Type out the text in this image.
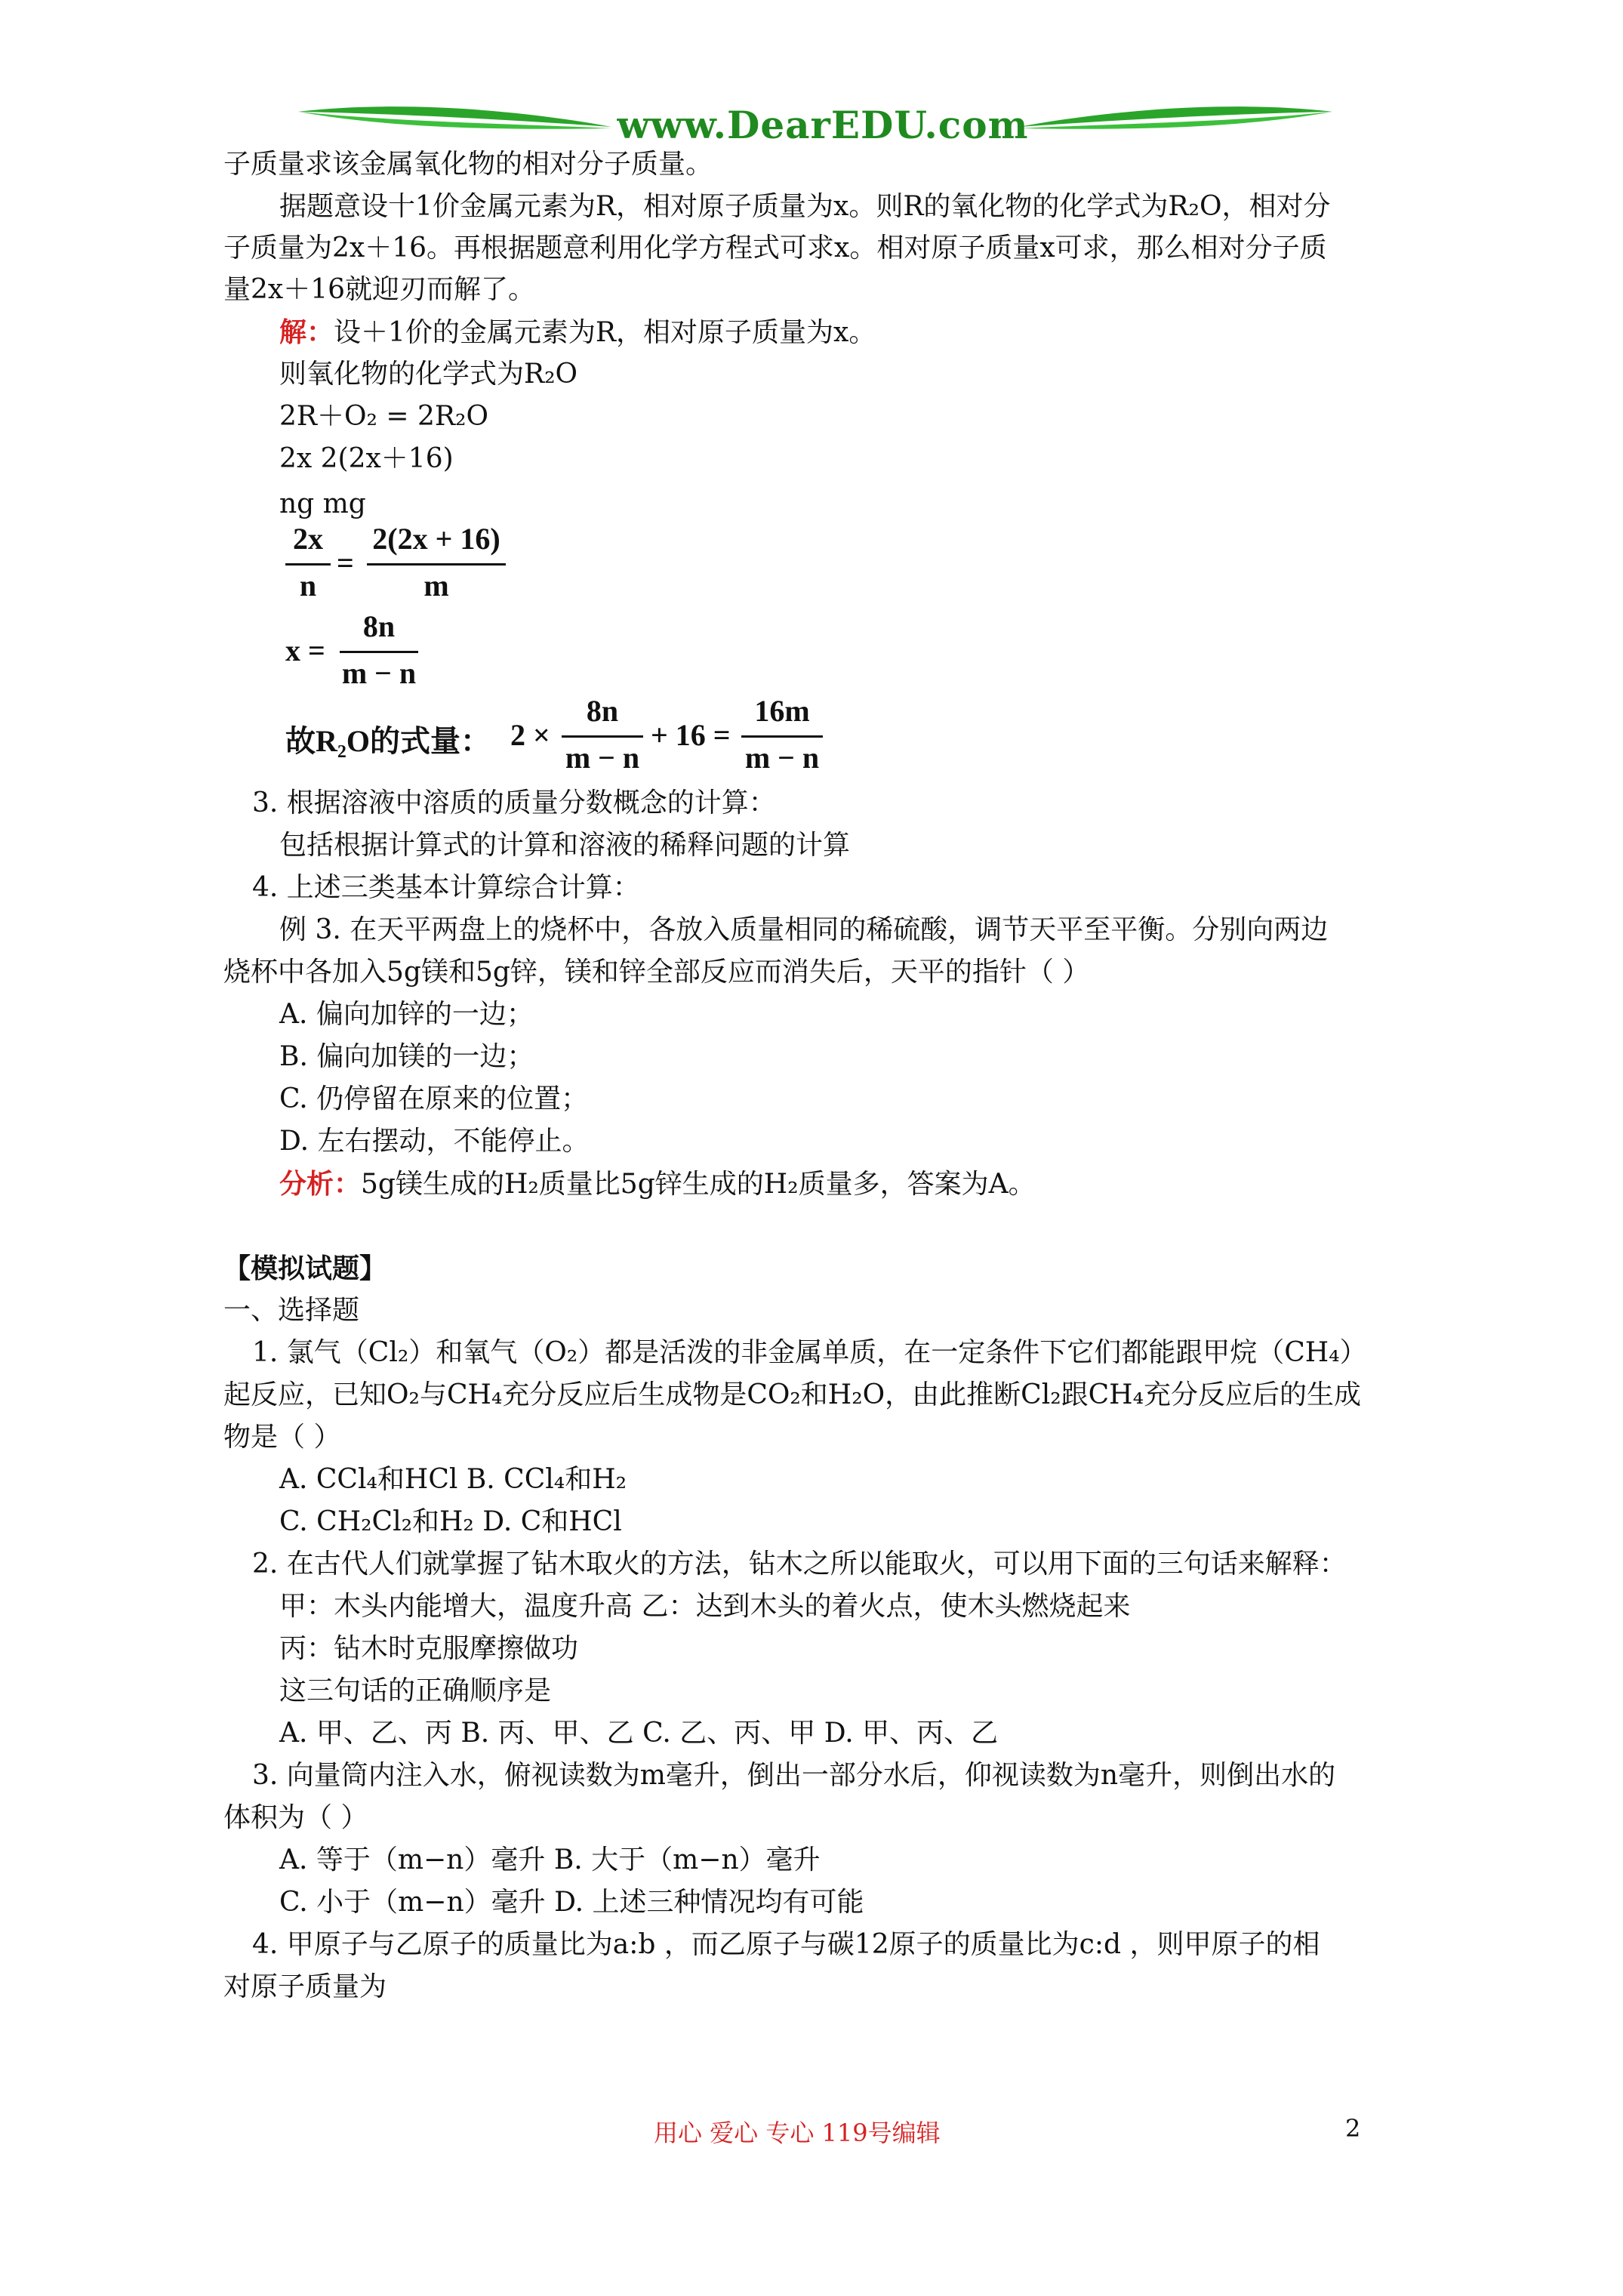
www.DearEDU.com
子质量求该金属氧化物的相对分子质量。
据题意设十1价金属元素为R，相对原子质量为x。则R的氧化物的化学式为R₂O，相对分
子质量为2x＋16。再根据题意利用化学方程式可求x。相对原子质量x可求，那么相对分子质
量2x＋16就迎刃而解了。
解：设＋1价的金属元素为R，相对原子质量为x。
则氧化物的化学式为R₂O
2R＋O₂ = 2R₂O
2x 2(2x＋16)
ng mg
2x
n
=
2(2x + 16)
m
x =
8n
m − n
故R₂O的式量： 2 ×
8n
m − n
+ 16 =
16m
m − n
3. 根据溶液中溶质的质量分数概念的计算：
包括根据计算式的计算和溶液的稀释问题的计算
4. 上述三类基本计算综合计算：
例 3. 在天平两盘上的烧杯中，各放入质量相同的稀硫酸，调节天平至平衡。分别向两边
烧杯中各加入5g镁和5g锌，镁和锌全部反应而消失后，天平的指针（ ）
A. 偏向加锌的一边；
B. 偏向加镁的一边；
C. 仍停留在原来的位置；
D. 左右摆动，不能停止。
分析：5g镁生成的H₂质量比5g锌生成的H₂质量多，答案为A。
【模拟试题】
一、选择题
1. 氯气（Cl₂）和氧气（O₂）都是活泼的非金属单质，在一定条件下它们都能跟甲烷（CH₄）
起反应，已知O₂与CH₄充分反应后生成物是CO₂和H₂O，由此推断Cl₂跟CH₄充分反应后的生成
物是（ ）
A. CCl₄和HCl B. CCl₄和H₂
C. CH₂Cl₂和H₂ D. C和HCl
2. 在古代人们就掌握了钻木取火的方法，钻木之所以能取火，可以用下面的三句话来解释：
甲：木头内能增大，温度升高 乙：达到木头的着火点，使木头燃烧起来
丙：钻木时克服摩擦做功
这三句话的正确顺序是
A. 甲、乙、丙 B. 丙、甲、乙 C. 乙、丙、甲 D. 甲、丙、乙
3. 向量筒内注入水，俯视读数为m毫升，倒出一部分水后，仰视读数为n毫升，则倒出水的
体积为（ ）
A. 等于（m−n）毫升 B. 大于（m−n）毫升
C. 小于（m−n）毫升 D. 上述三种情况均有可能
4. 甲原子与乙原子的质量比为a:b ，而乙原子与碳12原子的质量比为c:d ，则甲原子的相
对原子质量为
用心 爱心 专心 119号编辑	2
